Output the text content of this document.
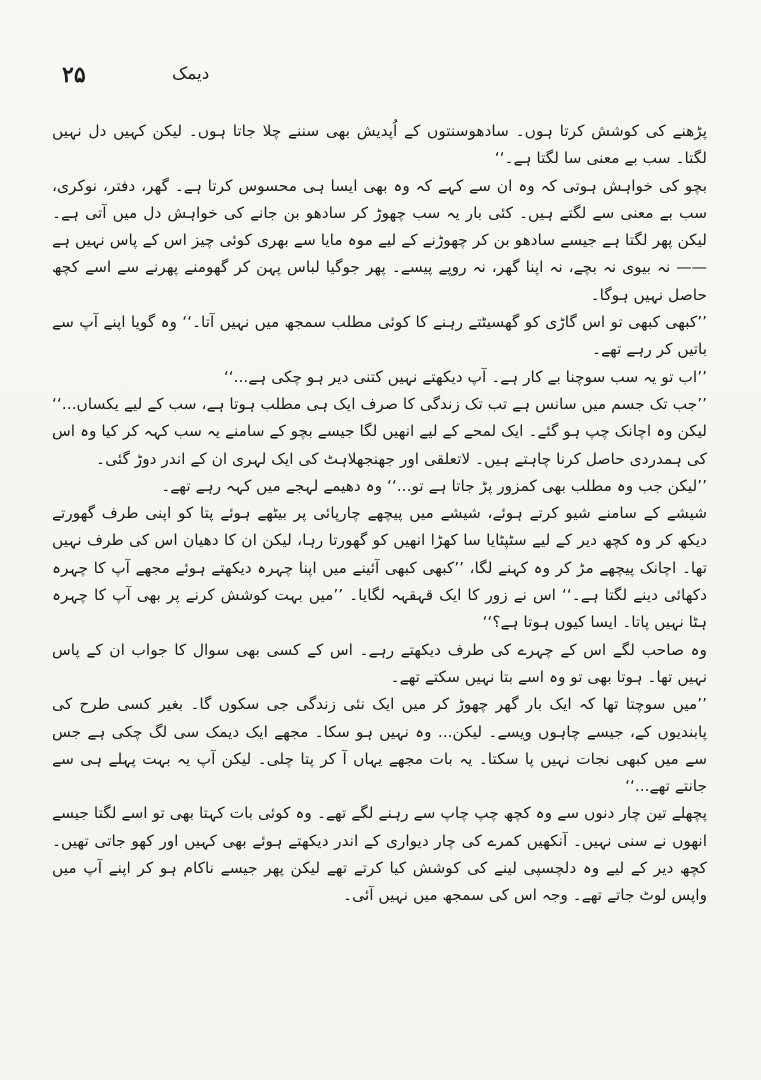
۲۵	دیمک

پڑھنے کی کوشش کرتا ہوں۔ سادھوسنتوں کے اُپدیش بھی سننے چلا جاتا ہوں۔ لیکن کہیں دل نہیں لگتا۔ سب بے معنی سا لگتا ہے۔‘‘

بچو کی خواہش ہوتی کہ وہ ان سے کہے کہ وہ بھی ایسا ہی محسوس کرتا ہے۔ گھر، دفتر، نوکری، سب بے معنی سے لگتے ہیں۔ کئی بار یہ سب چھوڑ کر سادھو بن جانے کی خواہش دل میں آتی ہے۔ لیکن پھر لگتا ہے جیسے سادھو بن کر چھوڑنے کے لیے موہ مایا سے بھری کوئی چیز اس کے پاس نہیں ہے—— نہ بیوی نہ بچے، نہ اپنا گھر، نہ روپے پیسے۔ پھر جوگیا لباس پہن کر گھومنے پھرنے سے اسے کچھ حاصل نہیں ہوگا۔

’’کبھی کبھی تو اس گاڑی کو گھسیٹتے رہنے کا کوئی مطلب سمجھ میں نہیں آتا۔‘‘ وہ گویا اپنے آپ سے باتیں کر رہے تھے۔

’’اب تو یہ سب سوچنا بے کار ہے۔ آپ دیکھتے نہیں کتنی دیر ہو چکی ہے...‘‘

’’جب تک جسم میں سانس ہے تب تک زندگی کا صرف ایک ہی مطلب ہوتا ہے، سب کے لیے یکساں...‘‘ لیکن وہ اچانک چپ ہو گئے۔ ایک لمحے کے لیے انھیں لگا جیسے بچو کے سامنے یہ سب کہہ کر کیا وہ اس کی ہمدردی حاصل کرنا چاہتے ہیں۔ لاتعلقی اور جھنجھلاہٹ کی ایک لہری ان کے اندر دوڑ گئی۔

’’لیکن جب وہ مطلب بھی کمزور پڑ جاتا ہے تو...‘‘ وہ دھیمے لہجے میں کہہ رہے تھے۔

شیشے کے سامنے شیو کرتے ہوئے، شیشے میں پیچھے چارپائی پر بیٹھے ہوئے پتا کو اپنی طرف گھورتے دیکھ کر وہ کچھ دیر کے لیے سٹپٹایا سا کھڑا انھیں کو گھورتا رہا، لیکن ان کا دھیان اس کی طرف نہیں تھا۔ اچانک پیچھے مڑ کر وہ کہنے لگا، ’’کبھی کبھی آئینے میں اپنا چہرہ دیکھتے ہوئے مجھے آپ کا چہرہ دکھائی دینے لگتا ہے۔‘‘ اس نے زور کا ایک قہقہہ لگایا۔ ’’میں بہت کوشش کرنے پر بھی آپ کا چہرہ ہٹا نہیں پاتا۔ ایسا کیوں ہوتا ہے؟‘‘

وہ صاحب لگے اس کے چہرے کی طرف دیکھتے رہے۔ اس کے کسی بھی سوال کا جواب ان کے پاس نہیں تھا۔ ہوتا بھی تو وہ اسے بتا نہیں سکتے تھے۔

’’میں سوچتا تھا کہ ایک بار گھر چھوڑ کر میں ایک نئی زندگی جی سکوں گا۔ بغیر کسی طرح کی پابندیوں کے، جیسے چاہوں ویسے۔ لیکن... وہ نہیں ہو سکا۔ مجھے ایک دیمک سی لگ چکی ہے جس سے میں کبھی نجات نہیں پا سکتا۔ یہ بات مجھے یہاں آ کر پتا چلی۔ لیکن آپ یہ بہت پہلے ہی سے جانتے تھے...‘‘

پچھلے تین چار دنوں سے وہ کچھ چپ چاپ سے رہنے لگے تھے۔ وہ کوئی بات کہتا بھی تو اسے لگتا جیسے انھوں نے سنی نہیں۔ آنکھیں کمرے کی چار دیواری کے اندر دیکھتے ہوئے بھی کہیں اور کھو جاتی تھیں۔ کچھ دیر کے لیے وہ دلچسپی لینے کی کوشش کیا کرتے تھے لیکن پھر جیسے ناکام ہو کر اپنے آپ میں واپس لوٹ جاتے تھے۔ وجہ اس کی سمجھ میں نہیں آئی۔
